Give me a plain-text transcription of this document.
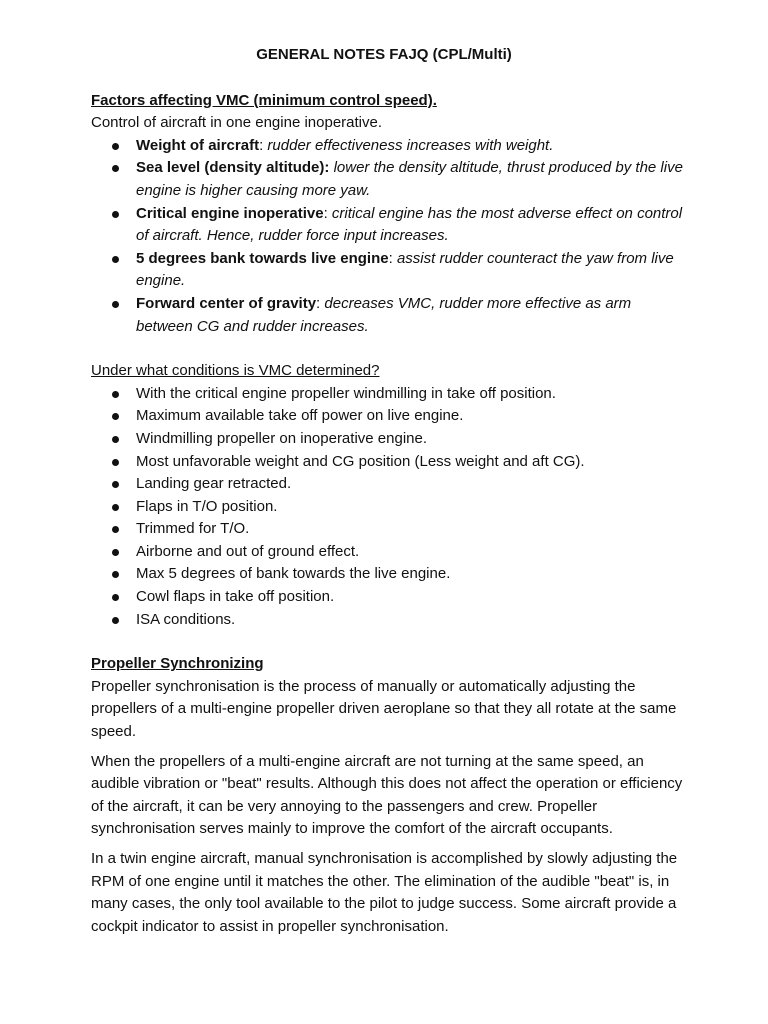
GENERAL NOTES FAJQ (CPL/Multi)

Factors affecting VMC (minimum control speed).

Control of aircraft in one engine inoperative.

Weight of aircraft: rudder effectiveness increases with weight.
Sea level (density altitude): lower the density altitude, thrust produced by the live engine is higher causing more yaw.
Critical engine inoperative: critical engine has the most adverse effect on control of aircraft. Hence, rudder force input increases.
5 degrees bank towards live engine: assist rudder counteract the yaw from live engine.
Forward center of gravity: decreases VMC, rudder more effective as arm between CG and rudder increases.

Under what conditions is VMC determined?

With the critical engine propeller windmilling in take off position.
Maximum available take off power on live engine.
Windmilling propeller on inoperative engine.
Most unfavorable weight and CG position (Less weight and aft CG).
Landing gear retracted.
Flaps in T/O position.
Trimmed for T/O.
Airborne and out of ground effect.
Max 5 degrees of bank towards the live engine.
Cowl flaps in take off position.
ISA conditions.

Propeller Synchronizing

Propeller synchronisation is the process of manually or automatically adjusting the propellers of a multi-engine propeller driven aeroplane so that they all rotate at the same speed.

When the propellers of a multi-engine aircraft are not turning at the same speed, an audible vibration or "beat" results. Although this does not affect the operation or efficiency of the aircraft, it can be very annoying to the passengers and crew. Propeller synchronisation serves mainly to improve the comfort of the aircraft occupants.

In a twin engine aircraft, manual synchronisation is accomplished by slowly adjusting the RPM of one engine until it matches the other. The elimination of the audible "beat" is, in many cases, the only tool available to the pilot to judge success. Some aircraft provide a cockpit indicator to assist in propeller synchronisation.
